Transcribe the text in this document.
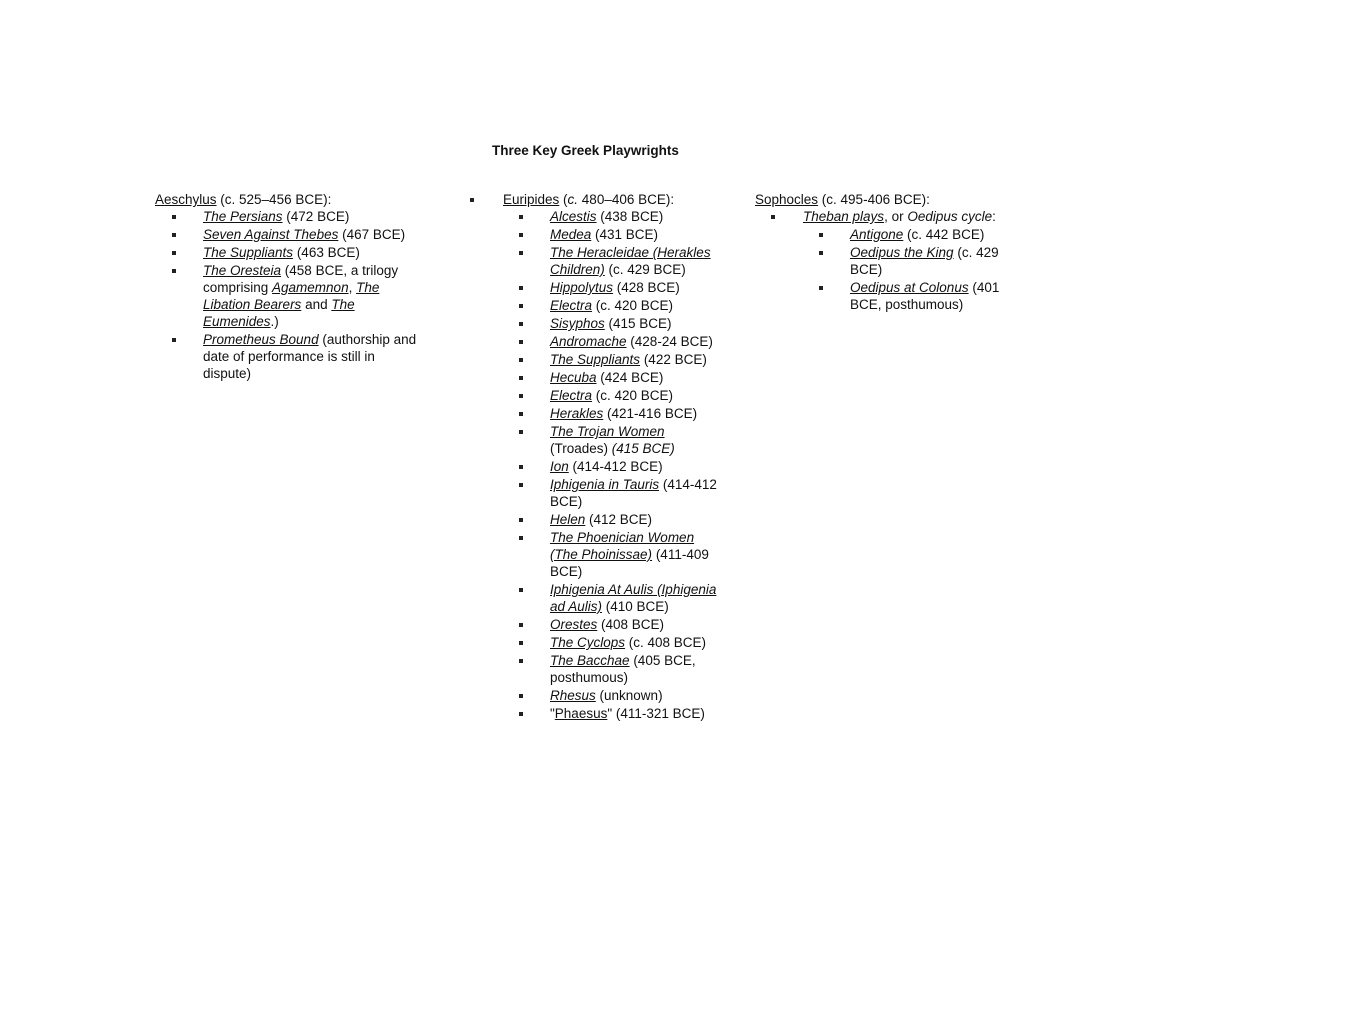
Three Key Greek Playwrights
Aeschylus (c. 525–456 BCE):
The Persians (472 BCE)
Seven Against Thebes (467 BCE)
The Suppliants (463 BCE)
The Oresteia (458 BCE, a trilogy comprising Agamemnon, The Libation Bearers and The Eumenides.)
Prometheus Bound (authorship and date of performance is still in dispute)
Euripides (c. 480–406 BCE):
Alcestis (438 BCE)
Medea (431 BCE)
The Heracleidae (Herakles Children) (c. 429 BCE)
Hippolytus (428 BCE)
Electra (c. 420 BCE)
Sisyphos (415 BCE)
Andromache (428-24 BCE)
The Suppliants (422 BCE)
Hecuba (424 BCE)
Electra (c. 420 BCE)
Herakles (421-416 BCE)
The Trojan Women (Troades) (415 BCE)
Ion (414-412 BCE)
Iphigenia in Tauris (414-412 BCE)
Helen (412 BCE)
The Phoenician Women (The Phoinissae) (411-409 BCE)
Iphigenia At Aulis (Iphigenia ad Aulis) (410 BCE)
Orestes (408 BCE)
The Cyclops (c. 408 BCE)
The Bacchae (405 BCE, posthumous)
Rhesus (unknown)
"Phaesus" (411-321 BCE)
Sophocles (c. 495-406 BCE):
Theban plays, or Oedipus cycle:
Antigone (c. 442 BCE)
Oedipus the King (c. 429 BCE)
Oedipus at Colonus (401 BCE, posthumous)
